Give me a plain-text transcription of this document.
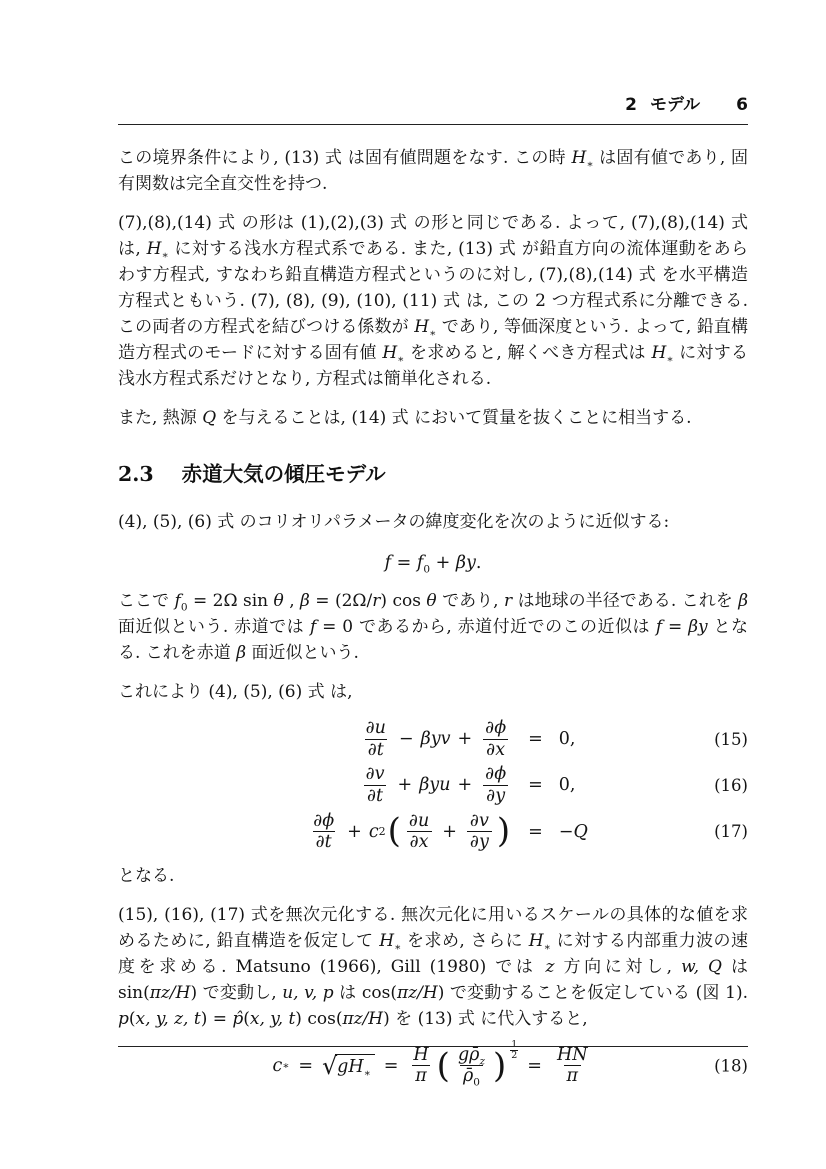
2 モデル 6

この境界条件により, (13) 式 は固有値問題をなす. この時 $H_∗$ は固有値であり, 固有関数は完全直交性を持つ.

(7),(8),(14) 式 の形は (1),(2),(3) 式 の形と同じである. よって, (7),(8),(14) 式 は, $H_∗$ に対する浅水方程式系である. また, (13) 式 が鉛直方向の流体運動をあらわす方程式, すなわち鉛直構造方程式というのに対し, (7),(8),(14) 式 を水平構造方程式ともいう. (7), (8), (9), (10), (11) 式 は, この 2 つ方程式系に分離できる. この両者の方程式を結びつける係数が $H_∗$ であり, 等価深度という. よって, 鉛直構造方程式のモードに対する固有値 $H_∗$ を求めると, 解くべき方程式は $H_∗$ に対する浅水方程式系だけとなり, 方程式は簡単化される.

また, 熱源 Q を与えることは, (14) 式 において質量を抜くことに相当する.

2.3 赤道大気の傾圧モデル

(4), (5), (6) 式 のコリオリパラメータの緯度変化を次のように近似する:

$f = f_0 + \beta y$.

ここで $f_0 = 2\Omega$ sin θ , β = (2Ω/r) cos θ であり, r は地球の半径である. これを β 面近似という. 赤道では f = 0 であるから, 赤道付近でのこの近似は f = βy となる. これを赤道 β 面近似という.

これにより (4), (5), (6) 式 は,

$\frac{\partial u}{\partial t} - \beta yv + \frac{\partial\phi}{\partial x}$	= 0,	(15)
$\frac{\partial v}{\partial t} + \beta yu + \frac{\partial\phi}{\partial y}$	= 0,	(16)
$\frac{\partial\phi}{\partial t} + c$ 2 ( $\frac{\partial u}{\partial x} + \frac{\partial v}{\partial y}$ )	= −Q	(17)

となる.

(15), (16), (17) 式を無次元化する. 無次元化に用いるスケールの具体的な値を求めるために, 鉛直構造を仮定して $H_∗$ を求め, さらに $H_∗$ に対する内部重力波の速度を求める. Matsuno (1966), Gill (1980) では z 方向に対し, w, Q は sin(πz/H) で変動し, u, v, p は cos(πz/H) で変動することを仮定している (図 1). p(x, y, z, t) = p̂(x, y, t) cos(πz/H) を (13) 式 に代入すると,

c ∗ = √ $gH_∗ = \frac{H}{\pi}$ ( $\frac{g\rhō_z}{\rhō_0}$ ) $\frac{1}{2}$
= $\frac{HN}{\pi}$	(18)
